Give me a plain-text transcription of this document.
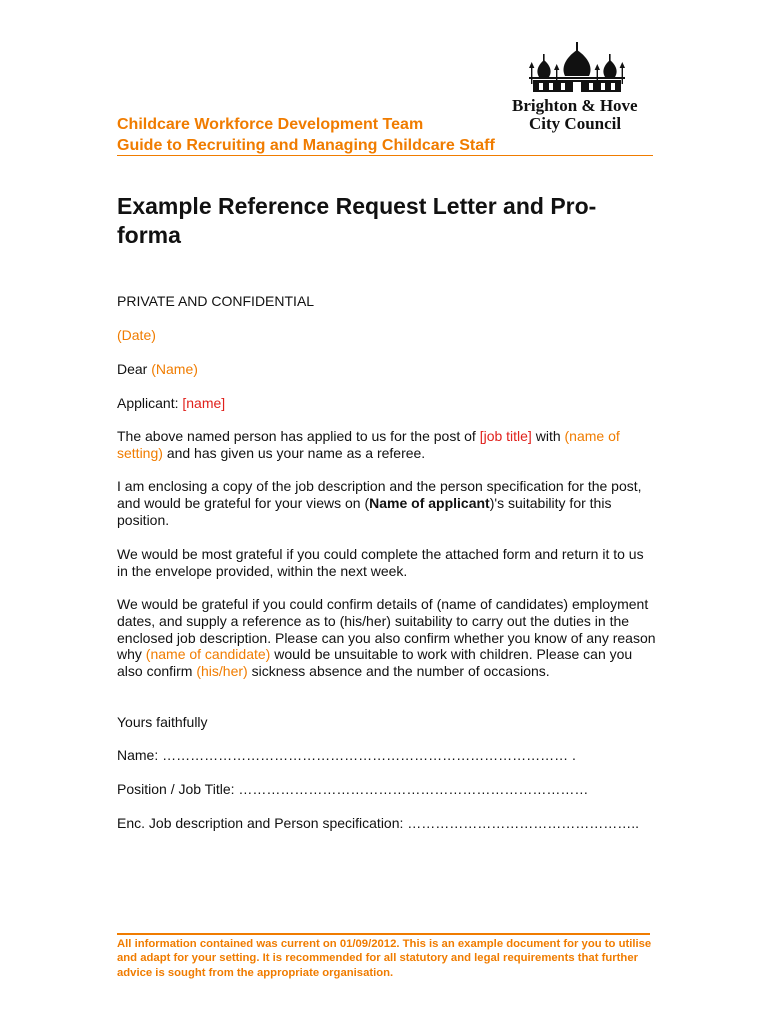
Brighton & Hove
City Council
Childcare Workforce Development Team
Guide to Recruiting and Managing Childcare Staff
Example Reference Request Letter and Pro-forma
PRIVATE AND CONFIDENTIAL
(Date)
Dear (Name)
Applicant: [name]
The above named person has applied to us for the post of [job title] with (name of setting) and has given us your name as a referee.
I am enclosing a copy of the job description and the person specification for the post, and would be grateful for your views on (Name of applicant)'s suitability for this position.
We would be most grateful if you could complete the attached form and return it to us in the envelope provided, within the next week.
We would be grateful if you could confirm details of (name of candidates) employment dates, and supply a reference as to (his/her) suitability to carry out the duties in the enclosed job description. Please can you also confirm whether you know of any reason why (name of candidate) would be unsuitable to work with children. Please can you also confirm (his/her) sickness absence and the number of occasions.
Yours faithfully
Name: …………………………………………………………………………… .
Position / Job Title: …………………………………………………………………
Enc. Job description and Person specification: …………………………………………..
All information contained was current on 01/09/2012. This is an example document for you to utilise and adapt for your setting. It is recommended for all statutory and legal requirements that further advice is sought from the appropriate organisation.
